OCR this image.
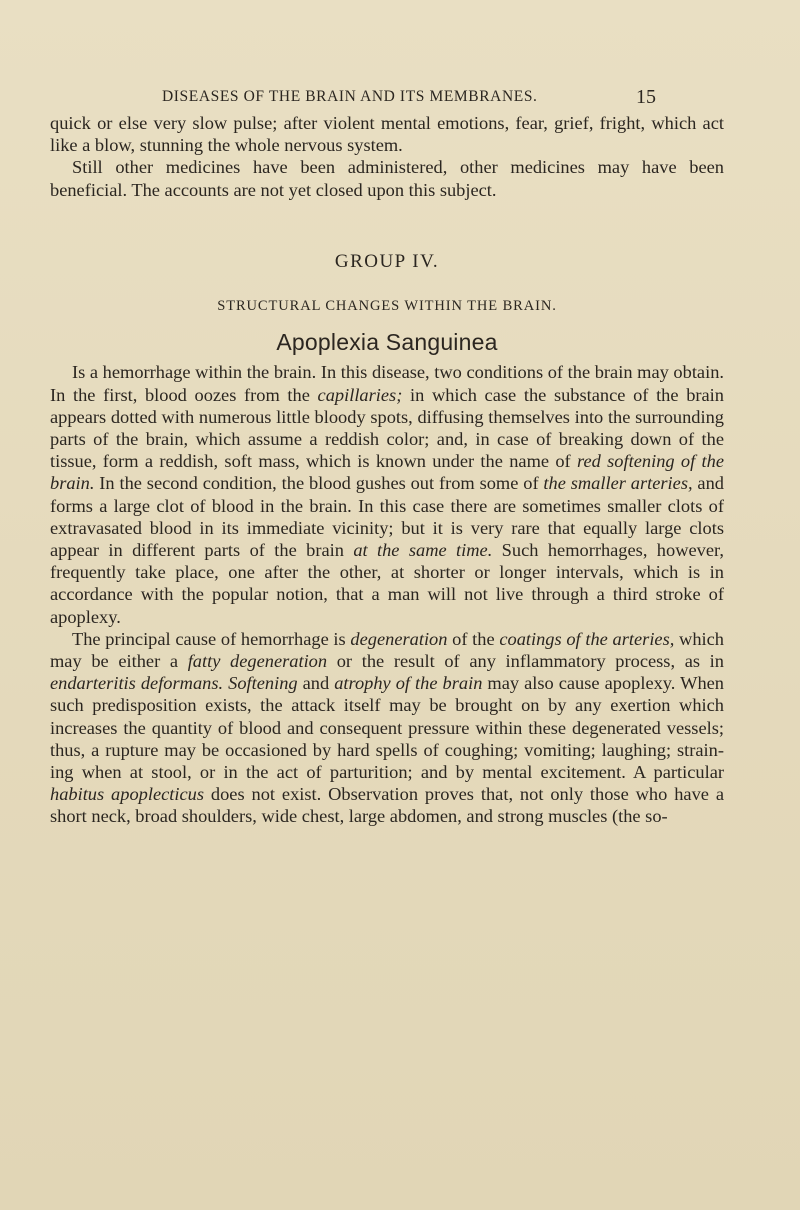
DISEASES OF THE BRAIN AND ITS MEMBRANES.	15

quick or else very slow pulse; after violent mental emotions, fear, grief, fright, which act like a blow, stunning the whole nervous system.

Still other medicines have been administered, other medicines may have been beneficial. The accounts are not yet closed upon this subject.

GROUP IV.

STRUCTURAL CHANGES WITHIN THE BRAIN.

Apoplexia Sanguinea

Is a hemorrhage within the brain. In this disease, two conditions of the brain may obtain. In the first, blood oozes from the capillaries; in which case the substance of the brain appears dotted with numerous little bloody spots, diffusing themselves into the surrounding parts of the brain, which assume a reddish color; and, in case of breaking down of the tissue, form a reddish, soft mass, which is known under the name of red softening of the brain. In the second condition, the blood gushes out from some of the smaller arteries, and forms a large clot of blood in the brain. In this case there are sometimes smaller clots of extravasated blood in its immediate vicinity; but it is very rare that equally large clots appear in different parts of the brain at the same time. Such hemorrhages, however, frequently take place, one after the other, at shorter or longer intervals, which is in accordance with the popular notion, that a man will not live through a third stroke of apoplexy.

The principal cause of hemorrhage is degeneration of the coatings of the arteries, which may be either a fatty degeneration or the result of any inflammatory process, as in endarteritis deformans. Softening and atrophy of the brain may also cause apoplexy. When such predisposition exists, the attack itself may be brought on by any exertion which increases the quantity of blood and consequent pressure within these degenerated vessels; thus, a rupture may be occasioned by hard spells of coughing; vomiting; laughing; straining when at stool, or in the act of parturition; and by mental excitement. A particular habitus apoplecticus does not exist. Observation proves that, not only those who have a short neck, broad shoulders, wide chest, large abdomen, and strong muscles (the so-
